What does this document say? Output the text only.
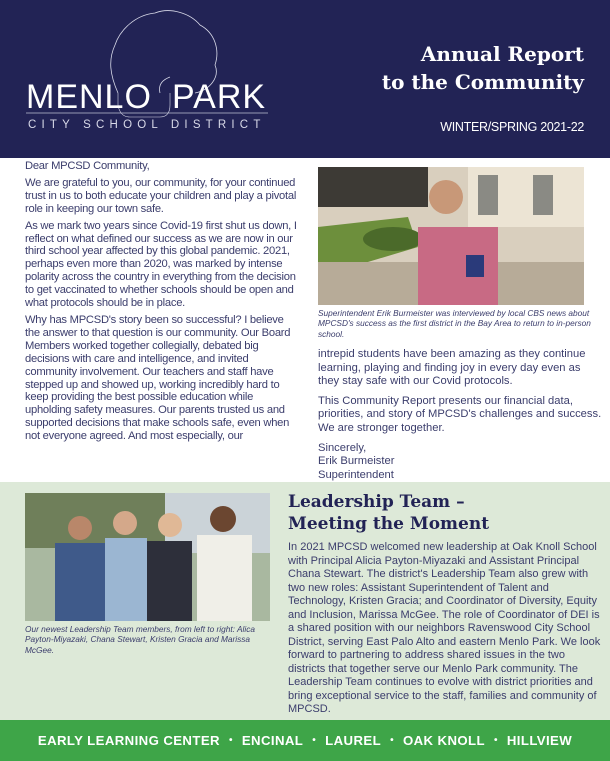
MENLO PARK
CITY SCHOOL DISTRICT
Annual Report
to the Community
WINTER/SPRING 2021-22

Dear MPCSD Community,

We are grateful to you, our community, for your continued trust in us to both educate your children and play a pivotal role in keeping our town safe.

As we mark two years since Covid-19 first shut us down, I reflect on what defined our success as we are now in our third school year affected by this global pandemic. 2021, perhaps even more than 2020, was marked by intense polarity across the country in everything from the decision to get vaccinated to whether schools should be open and what protocols should be in place.

Why has MPCSD's story been so successful? I believe the answer to that question is our community. Our Board Members worked together collegially, debated big decisions with care and intelligence, and invited community involvement. Our teachers and staff have stepped up and showed up, working incredibly hard to keep providing the best possible education while upholding safety measures. Our parents trusted us and supported decisions that make schools safe, even when not everyone agreed. And most especially, our

Superintendent Erik Burmeister was interviewed by local CBS news about MPCSD's success as the first district in the Bay Area to return to in-person school.

intrepid students have been amazing as they continue learning, playing and finding joy in every day even as they stay safe with our Covid protocols.

This Community Report presents our financial data, priorities, and story of MPCSD's challenges and success. We are stronger together.

Sincerely,
Erik Burmeister
Superintendent
Our newest Leadership Team members, from left to right: Alica Payton-Miyazaki, Chana Stewart, Kristen Gracia and Marissa McGee.
Leadership Team –
Meeting the Moment
In 2021 MPCSD welcomed new leadership at Oak Knoll School with Principal Alicia Payton-Miyazaki and Assistant Principal Chana Stewart. The district's Leadership Team also grew with two new roles: Assistant Superintendent of Talent and Technology, Kristen Gracia; and Coordinator of Diversity, Equity and Inclusion, Marissa McGee. The role of Coordinator of DEI is a shared position with our neighbors Ravenswood City School District, serving East Palo Alto and eastern Menlo Park. We look forward to partnering to address shared issues in the two districts that together serve our Menlo Park community. The Leadership Team continues to evolve with district priorities and bring exceptional service to the staff, families and community of MPCSD.
EARLY LEARNING CENTER • ENCINAL • LAUREL • OAK KNOLL • HILLVIEW
